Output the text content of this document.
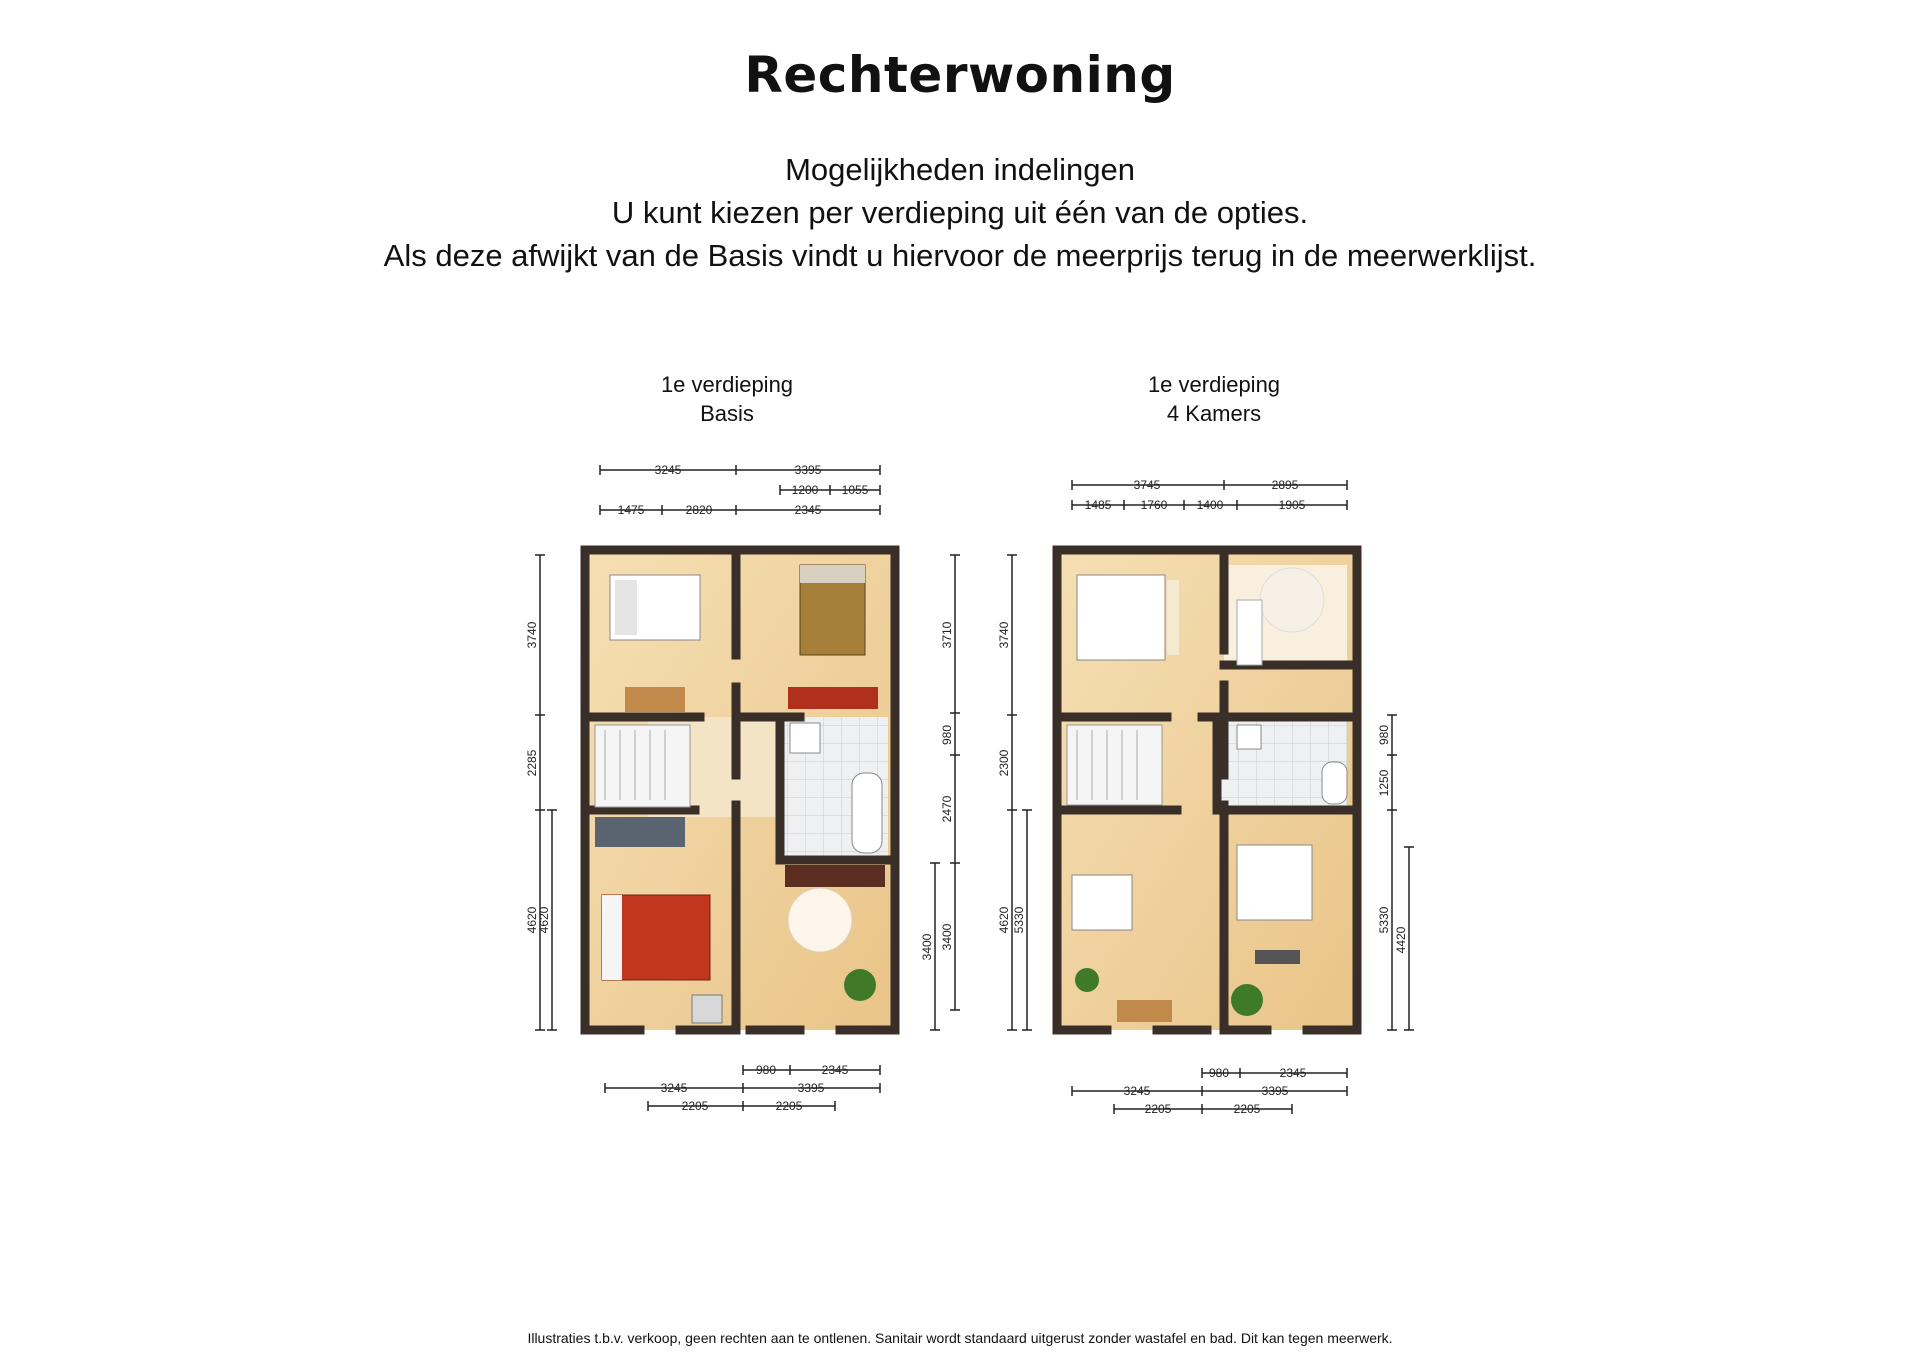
Rechterwoning
Mogelijkheden indelingen
U kunt kiezen per verdieping uit één van de opties.
Als deze afwijkt van de Basis vindt u hiervoor de meerprijs terug in de meerwerklijst.
1e verdieping
Basis
1e verdieping
4 Kamers
3245	3395
1200 1055
1475	2820	2345
980	2345
3245	3395
2205	2205
3740
2285
4620
4620
3710
980
2470
3400
3400
3745	2895
1485 1760 1400	1905
980	2345
3245	3395
2205	2205
3740
2300
4620 5330
980
1250
5330
4420
Illustraties t.b.v. verkoop, geen rechten aan te ontlenen. Sanitair wordt standaard uitgerust zonder wastafel en bad. Dit kan tegen meerwerk.
